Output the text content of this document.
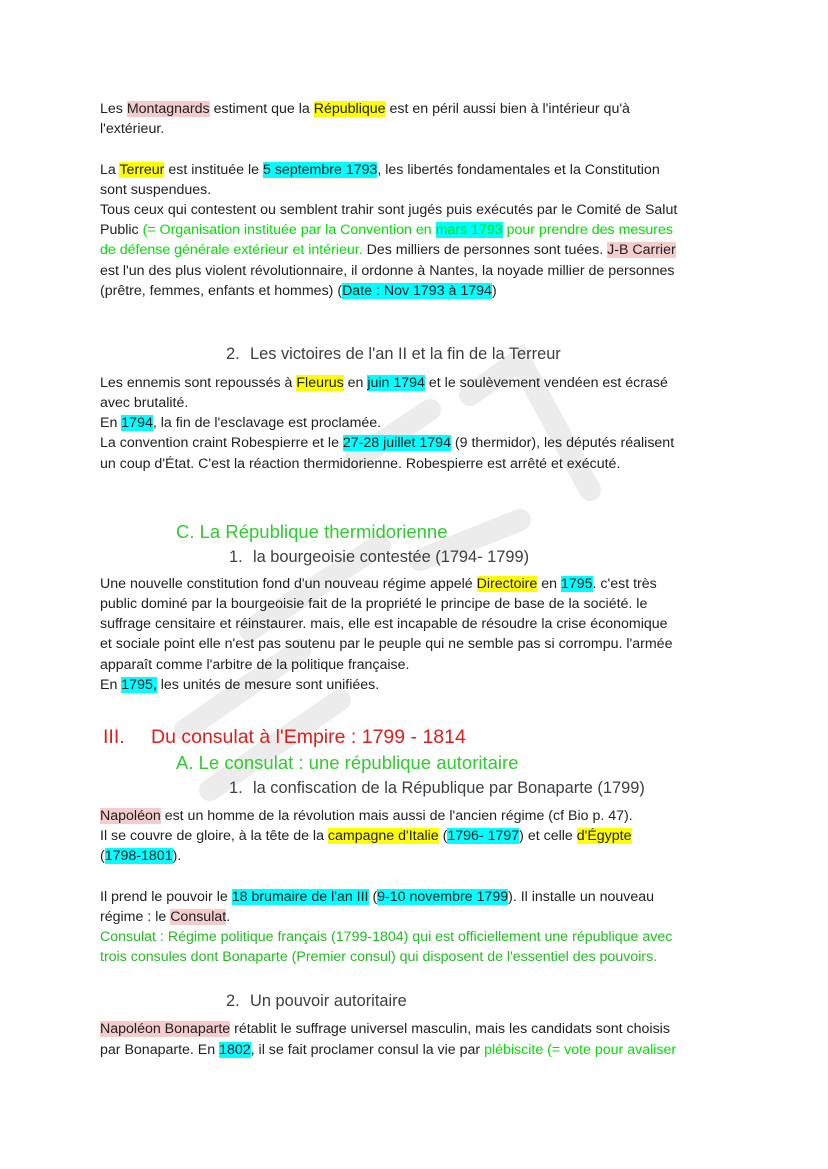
Les Montagnards estiment que la République est en péril aussi bien à l'intérieur qu'à
l'extérieur.
La Terreur est instituée le 5 septembre 1793, les libertés fondamentales et la Constitution
sont suspendues.
Tous ceux qui contestent ou semblent trahir sont jugés puis exécutés par le Comité de Salut
Public (= Organisation instituée par la Convention en mars 1793 pour prendre des mesures
de défense générale extérieur et intérieur. Des milliers de personnes sont tuées. J-B Carrier
est l'un des plus violent révolutionnaire, il ordonne à Nantes, la noyade millier de personnes
(prêtre, femmes, enfants et hommes) (Date : Nov 1793 à 1794)
2. Les victoires de l'an II et la fin de la Terreur
Les ennemis sont repoussés à Fleurus en juin 1794 et le soulèvement vendéen est écrasé
avec brutalité.
En 1794, la fin de l'esclavage est proclamée.
La convention craint Robespierre et le 27-28 juillet 1794 (9 thermidor), les députés réalisent
un coup d'État. C'est la réaction thermidorienne. Robespierre est arrêté et exécuté.
C. La République thermidorienne
1. la bourgeoisie contestée (1794- 1799)
Une nouvelle constitution fond d'un nouveau régime appelé Directoire en 1795. c'est très
public dominé par la bourgeoisie fait de la propriété le principe de base de la société. le
suffrage censitaire et réinstaurer. mais, elle est incapable de résoudre la crise économique
et sociale point elle n'est pas soutenu par le peuple qui ne semble pas si corrompu. l'armée
apparaît comme l'arbitre de la politique française.
En 1795, les unités de mesure sont unifiées.
III. Du consulat à l'Empire : 1799 - 1814
A. Le consulat : une république autoritaire
1. la confiscation de la République par Bonaparte (1799)
Napoléon est un homme de la révolution mais aussi de l'ancien régime (cf Bio p. 47).
Il se couvre de gloire, à la tête de la campagne d'Italie (1796- 1797) et celle d'Égypte
(1798-1801).
Il prend le pouvoir le 18 brumaire de l'an III (9-10 novembre 1799). Il installe un nouveau
régime : le Consulat.
Consulat : Régime politique français (1799-1804) qui est officiellement une république avec
trois consules dont Bonaparte (Premier consul) qui disposent de l'essentiel des pouvoirs.
2. Un pouvoir autoritaire
Napoléon Bonaparte rétablit le suffrage universel masculin, mais les candidats sont choisis
par Bonaparte. En 1802, il se fait proclamer consul la vie par plébiscite (= vote pour avaliser
